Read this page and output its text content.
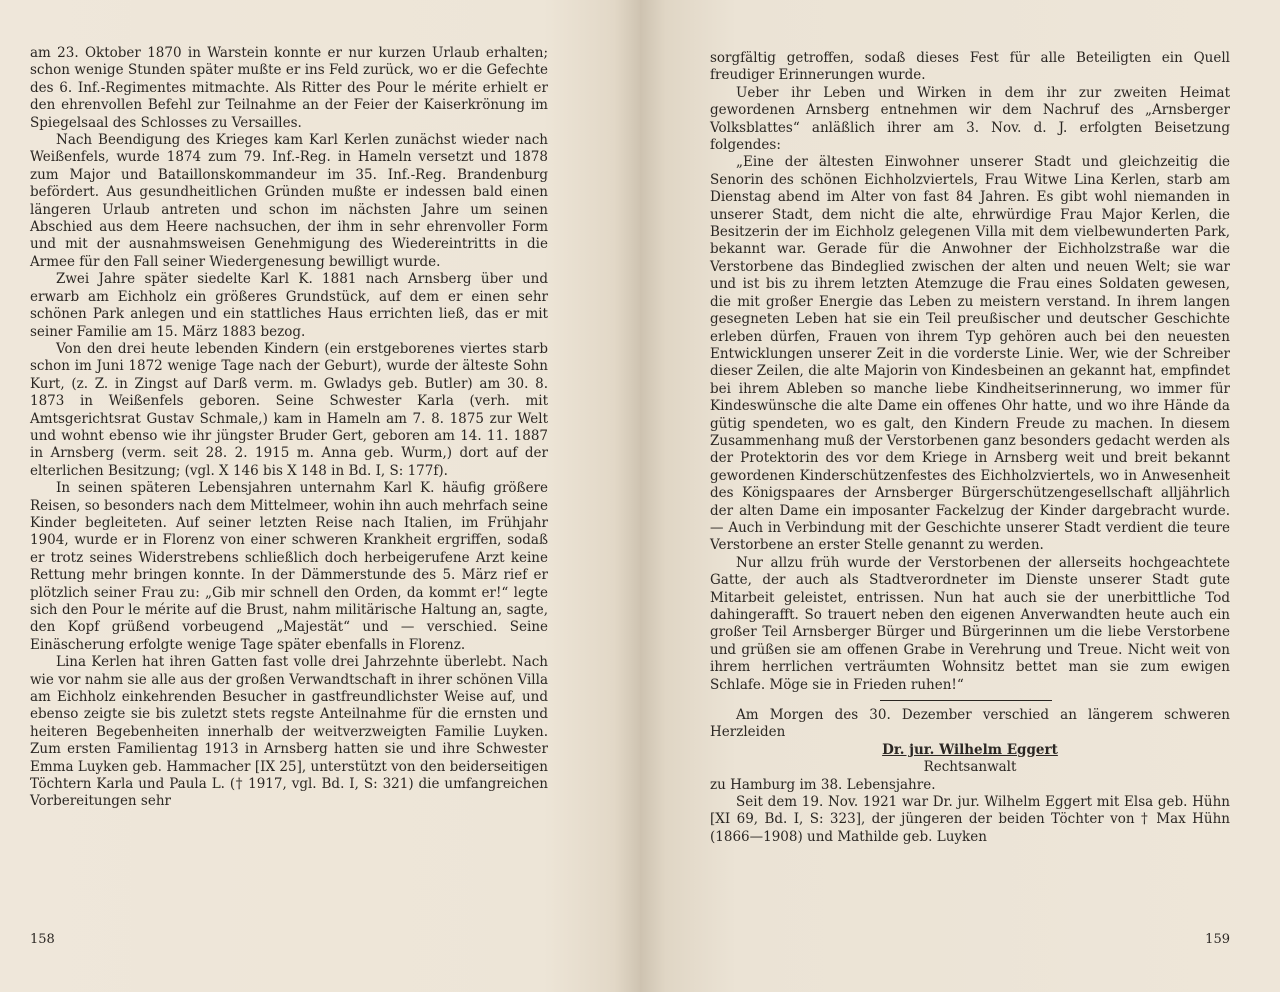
am 23. Oktober 1870 in Warstein konnte er nur kurzen Urlaub erhalten; schon wenige Stunden später mußte er ins Feld zurück, wo er die Gefechte des 6. Inf.-Regimentes mitmachte. Als Ritter des Pour le mérite erhielt er den ehrenvollen Befehl zur Teilnahme an der Feier der Kaiserkrönung im Spiegelsaal des Schlosses zu Versailles.

Nach Beendigung des Krieges kam Karl Kerlen zunächst wieder nach Weißenfels, wurde 1874 zum 79. Inf.-Reg. in Hameln versetzt und 1878 zum Major und Bataillonskommandeur im 35. Inf.-Reg. Brandenburg befördert. Aus gesundheitlichen Gründen mußte er indessen bald einen längeren Urlaub antreten und schon im nächsten Jahre um seinen Abschied aus dem Heere nachsuchen, der ihm in sehr ehrenvoller Form und mit der ausnahmsweisen Genehmigung des Wiedereintritts in die Armee für den Fall seiner Wiedergenesung bewilligt wurde.

Zwei Jahre später siedelte Karl K. 1881 nach Arnsberg über und erwarb am Eichholz ein größeres Grundstück, auf dem er einen sehr schönen Park anlegen und ein stattliches Haus errichten ließ, das er mit seiner Familie am 15. März 1883 bezog.

Von den drei heute lebenden Kindern (ein erstgeborenes viertes starb schon im Juni 1872 wenige Tage nach der Geburt), wurde der älteste Sohn Kurt, (z. Z. in Zingst auf Darß verm. m. Gwladys geb. Butler) am 30. 8. 1873 in Weißenfels geboren. Seine Schwester Karla (verh. mit Amtsgerichtsrat Gustav Schmale,) kam in Hameln am 7. 8. 1875 zur Welt und wohnt ebenso wie ihr jüngster Bruder Gert, geboren am 14. 11. 1887 in Arnsberg (verm. seit 28. 2. 1915 m. Anna geb. Wurm,) dort auf der elterlichen Besitzung; (vgl. X 146 bis X 148 in Bd. I, S: 177f).

In seinen späteren Lebensjahren unternahm Karl K. häufig größere Reisen, so besonders nach dem Mittelmeer, wohin ihn auch mehrfach seine Kinder begleiteten. Auf seiner letzten Reise nach Italien, im Frühjahr 1904, wurde er in Florenz von einer schweren Krankheit ergriffen, sodaß er trotz seines Widerstrebens schließlich doch herbeigerufene Arzt keine Rettung mehr bringen konnte. In der Dämmerstunde des 5. März rief er plötzlich seiner Frau zu: „Gib mir schnell den Orden, da kommt er!“ legte sich den Pour le mérite auf die Brust, nahm militärische Haltung an, sagte, den Kopf grüßend vorbeugend „Majestät“ und — verschied. Seine Einäscherung erfolgte wenige Tage später ebenfalls in Florenz.

Lina Kerlen hat ihren Gatten fast volle drei Jahrzehnte überlebt. Nach wie vor nahm sie alle aus der großen Verwandtschaft in ihrer schönen Villa am Eichholz einkehrenden Besucher in gastfreundlichster Weise auf, und ebenso zeigte sie bis zuletzt stets regste Anteilnahme für die ernsten und heiteren Begebenheiten innerhalb der weitverzweigten Familie Luyken. Zum ersten Familientag 1913 in Arnsberg hatten sie und ihre Schwester Emma Luyken geb. Hammacher [IX 25], unterstützt von den beiderseitigen Töchtern Karla und Paula L. († 1917, vgl. Bd. I, S: 321) die umfangreichen Vorbereitungen sehr

158

sorgfältig getroffen, sodaß dieses Fest für alle Beteiligten ein Quell freudiger Erinnerungen wurde.

Ueber ihr Leben und Wirken in dem ihr zur zweiten Heimat gewordenen Arnsberg entnehmen wir dem Nachruf des „Arnsberger Volksblattes“ anläßlich ihrer am 3. Nov. d. J. erfolgten Beisetzung folgendes:

„Eine der ältesten Einwohner unserer Stadt und gleichzeitig die Senorin des schönen Eichholzviertels, Frau Witwe Lina Kerlen, starb am Dienstag abend im Alter von fast 84 Jahren. Es gibt wohl niemanden in unserer Stadt, dem nicht die alte, ehrwürdige Frau Major Kerlen, die Besitzerin der im Eichholz gelegenen Villa mit dem vielbewunderten Park, bekannt war. Gerade für die Anwohner der Eichholzstraße war die Verstorbene das Bindeglied zwischen der alten und neuen Welt; sie war und ist bis zu ihrem letzten Atemzuge die Frau eines Soldaten gewesen, die mit großer Energie das Leben zu meistern verstand. In ihrem langen gesegneten Leben hat sie ein Teil preußischer und deutscher Geschichte erleben dürfen, Frauen von ihrem Typ gehören auch bei den neuesten Entwicklungen unserer Zeit in die vorderste Linie. Wer, wie der Schreiber dieser Zeilen, die alte Majorin von Kindesbeinen an gekannt hat, empfindet bei ihrem Ableben so manche liebe Kindheitserinnerung, wo immer für Kindeswünsche die alte Dame ein offenes Ohr hatte, und wo ihre Hände da gütig spendeten, wo es galt, den Kindern Freude zu machen. In diesem Zusammenhang muß der Verstorbenen ganz besonders gedacht werden als der Protektorin des vor dem Kriege in Arnsberg weit und breit bekannt gewordenen Kinderschützenfestes des Eichholzviertels, wo in Anwesenheit des Königspaares der Arnsberger Bürgerschützengesellschaft alljährlich der alten Dame ein imposanter Fackelzug der Kinder dargebracht wurde. — Auch in Verbindung mit der Geschichte unserer Stadt verdient die teure Verstorbene an erster Stelle genannt zu werden.

Nur allzu früh wurde der Verstorbenen der allerseits hochgeachtete Gatte, der auch als Stadtverordneter im Dienste unserer Stadt gute Mitarbeit geleistet, entrissen. Nun hat auch sie der unerbittliche Tod dahingerafft. So trauert neben den eigenen Anverwandten heute auch ein großer Teil Arnsberger Bürger und Bürgerinnen um die liebe Verstorbene und grüßen sie am offenen Grabe in Verehrung und Treue. Nicht weit von ihrem herrlichen verträumten Wohnsitz bettet man sie zum ewigen Schlafe. Möge sie in Frieden ruhen!“

Am Morgen des 30. Dezember verschied an längerem schweren Herzleiden

Dr. jur. Wilhelm Eggert

Rechtsanwalt

zu Hamburg im 38. Lebensjahre.

Seit dem 19. Nov. 1921 war Dr. jur. Wilhelm Eggert mit Elsa geb. Hühn [XI 69, Bd. I, S: 323], der jüngeren der beiden Töchter von † Max Hühn (1866—1908) und Mathilde geb. Luyken

159
